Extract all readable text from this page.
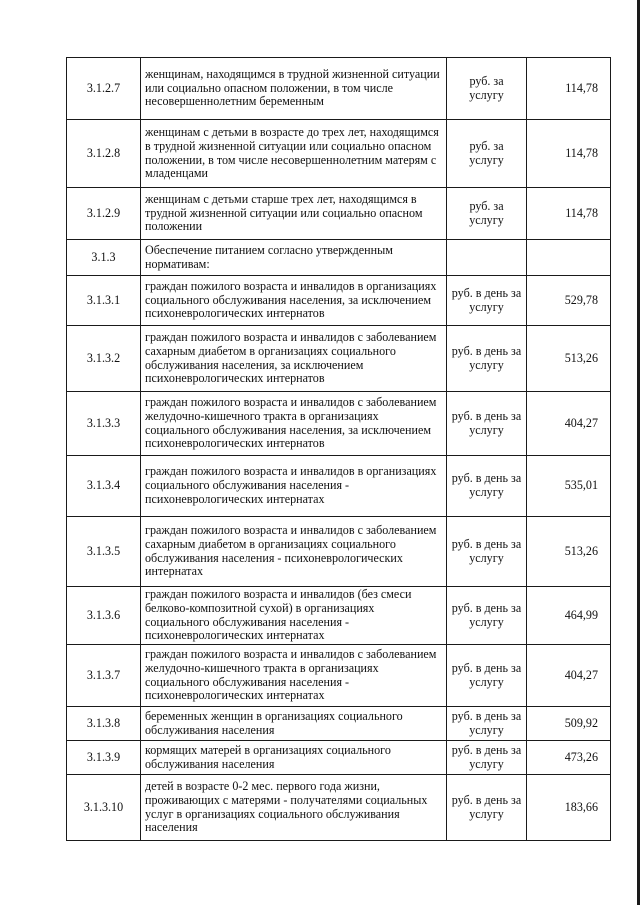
3.1.2.7	женщинам, находящимся в трудной жизненной ситуации или социально опасном положении, в том числе несовершеннолетним беременным	руб. за услугу	114,78
3.1.2.8	женщинам с детьми в возрасте до трех лет, находящимся в трудной жизненной ситуации или социально опасном положении, в том числе несовершеннолетним матерям с младенцами	руб. за услугу	114,78
3.1.2.9	женщинам с детьми старше трех лет, находящимся в трудной жизненной ситуации или социально опасном положении	руб. за услугу	114,78
3.1.3	Обеспечение питанием согласно утвержденным нормативам:		
3.1.3.1	граждан пожилого возраста и инвалидов в организациях социального обслуживания населения, за исключением психоневрологических интернатов	руб. в день за услугу	529,78
3.1.3.2	граждан пожилого возраста и инвалидов с заболеванием сахарным диабетом в организациях социального обслуживания населения, за исключением психоневрологических интернатов	руб. в день за услугу	513,26
3.1.3.3	граждан пожилого возраста и инвалидов с заболеванием желудочно-кишечного тракта в организациях социального обслуживания населения, за исключением психоневрологических интернатов	руб. в день за услугу	404,27
3.1.3.4	граждан пожилого возраста и инвалидов в организациях социального обслуживания населения - психоневрологических интернатах	руб. в день за услугу	535,01
3.1.3.5	граждан пожилого возраста и инвалидов с заболеванием сахарным диабетом в организациях социального обслуживания населения - психоневрологических интернатах	руб. в день за услугу	513,26
3.1.3.6	граждан пожилого возраста и инвалидов (без смеси белково-композитной сухой) в организациях социального обслуживания населения - психоневрологических интернатах	руб. в день за услугу	464,99
3.1.3.7	граждан пожилого возраста и инвалидов с заболеванием желудочно-кишечного тракта в организациях социального обслуживания населения - психоневрологических интернатах	руб. в день за услугу	404,27
3.1.3.8	беременных женщин в организациях социального обслуживания населения	руб. в день за услугу	509,92
3.1.3.9	кормящих матерей в организациях социального обслуживания населения	руб. в день за услугу	473,26
3.1.3.10	детей в возрасте 0-2 мес. первого года жизни, проживающих с матерями - получателями социальных услуг в организациях социального обслуживания населения	руб. в день за услугу	183,66
